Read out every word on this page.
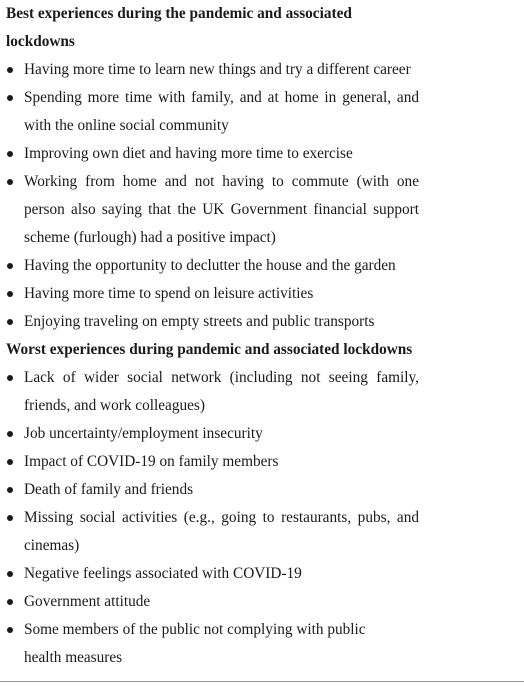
Best experiences during the pandemic and associated lockdowns

Having more time to learn new things and try a different career
Spending more time with family, and at home in general, and with the online social community
Improving own diet and having more time to exercise
Working from home and not having to commute (with one person also saying that the UK Government financial support scheme (furlough) had a positive impact)
Having the opportunity to declutter the house and the garden
Having more time to spend on leisure activities
Enjoying traveling on empty streets and public transports

Worst experiences during pandemic and associated lockdowns

Lack of wider social network (including not seeing family, friends, and work colleagues)
Job uncertainty/employment insecurity
Impact of COVID-19 on family members
Death of family and friends
Missing social activities (e.g., going to restaurants, pubs, and cinemas)
Negative feelings associated with COVID-19
Government attitude
Some members of the public not complying with public health measures
